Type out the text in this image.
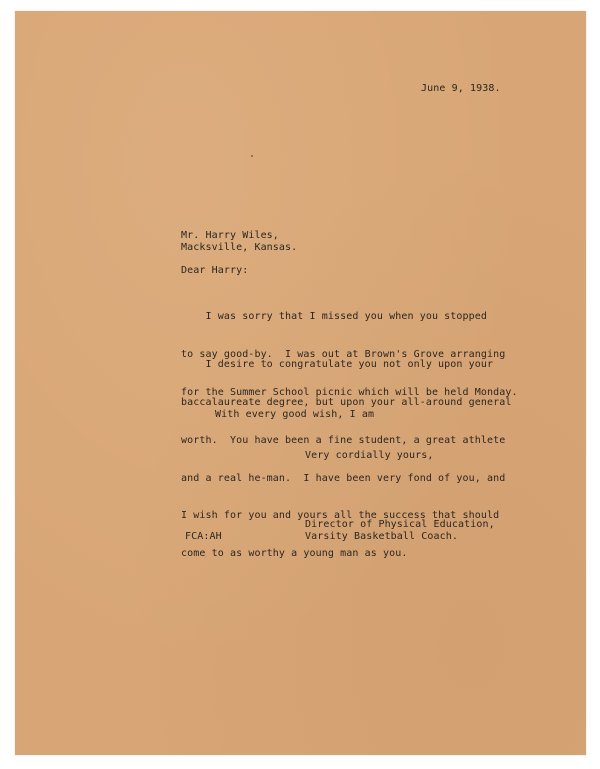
June 9, 1938.
Mr. Harry Wiles,
Macksville, Kansas.
Dear Harry:

I was sorry that I missed you when you stopped

to say good-by.  I was out at Brown's Grove arranging

for the Summer School picnic which will be held Monday.

I desire to congratulate you not only upon your

baccalaureate degree, but upon your all-around general

worth.  You have been a fine student, a great athlete

and a real he-man.  I have been very fond of you, and

I wish for you and yours all the success that should

come to as worthy a young man as you.

With every good wish, I am
Very cordially yours,
Director of Physical Education,
Varsity Basketball Coach.
FCA:AH
